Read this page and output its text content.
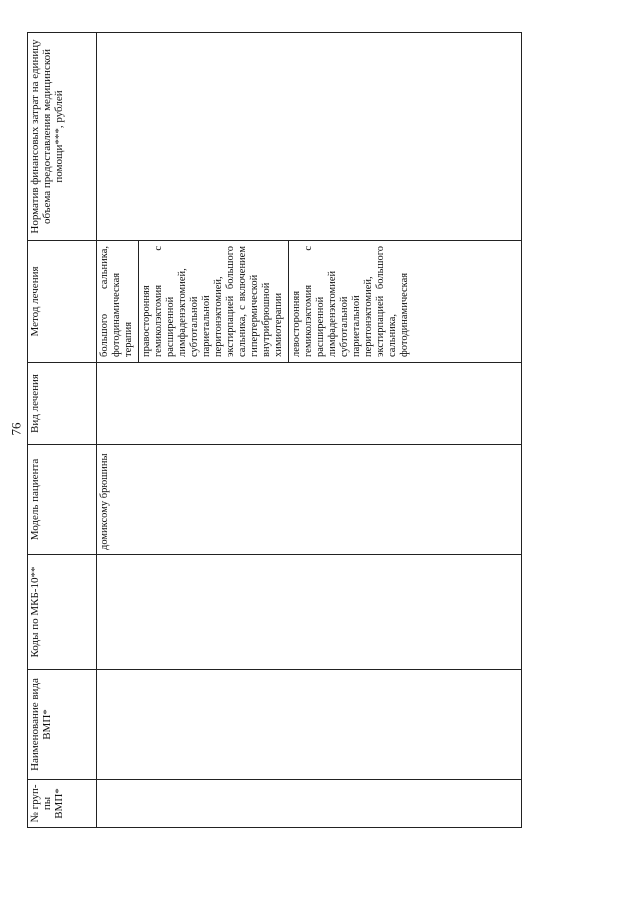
76
№ груп-пы ВМП*	Наименование вида ВМП*	Коды по МКБ-10**	Модель пациента	Вид лечения	Метод лечения	Норматив финансовых затрат на единицу объема предоставления медицинской помощи***, рублей

			домиксому брюшины		большого сальника, фотодинамическая терапия правосторонняя гемиколэктомия с расширенной лимфаденэктомией, субтотальной париетальной перитонэктомией, экстирпацией большого сальника, с включением гипертермической внутрибрюшной химиотерапии левосторонняя гемиколэктомия с расширенной лимфаденэктомией субтотальной париетальной перитонэктомией, экстирпацией большого сальника, фотодинамическая	
